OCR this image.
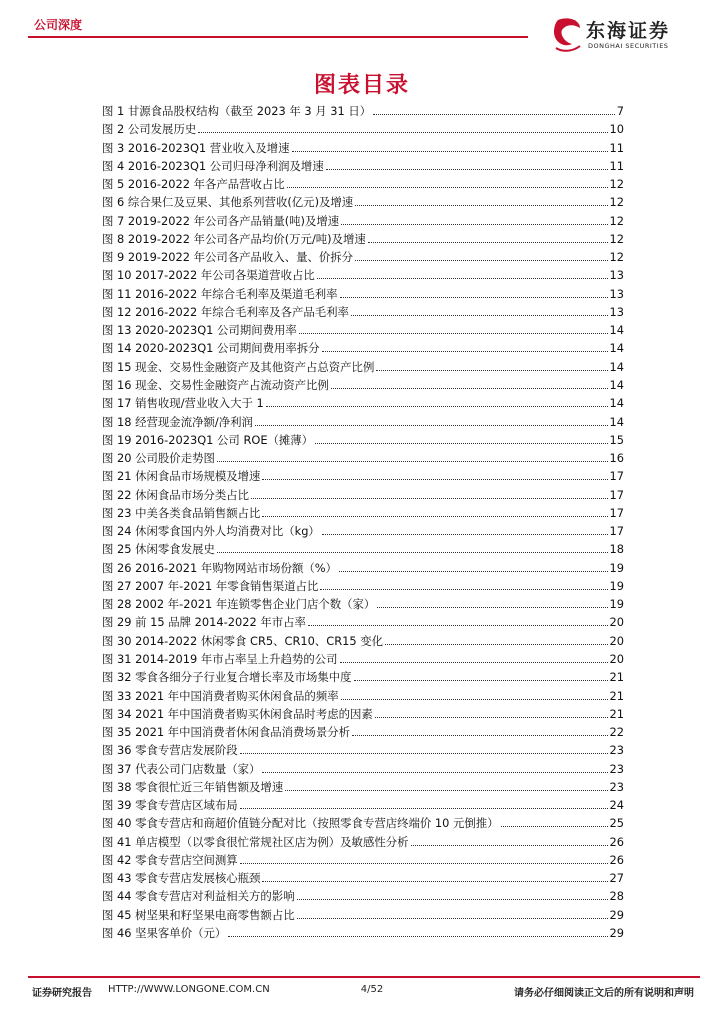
公司深度	东海证券
DONGHAI SECURITIES
图表目录
图 1 甘源食品股权结构（截至 2023 年 3 月 31 日）	7
图 2 公司发展历史	10
图 3 2016-2023Q1 营业收入及增速	11
图 4 2016-2023Q1 公司归母净利润及增速	11
图 5 2016-2022 年各产品营收占比	12
图 6 综合果仁及豆果、其他系列营收(亿元)及增速	12
图 7 2019-2022 年公司各产品销量(吨)及增速	12
图 8 2019-2022 年公司各产品均价(万元/吨)及增速	12
图 9 2019-2022 年公司各产品收入、量、价拆分	12
图 10 2017-2022 年公司各渠道营收占比	13
图 11 2016-2022 年综合毛利率及渠道毛利率	13
图 12 2016-2022 年综合毛利率及各产品毛利率	13
图 13 2020-2023Q1 公司期间费用率	14
图 14 2020-2023Q1 公司期间费用率拆分	14
图 15 现金、交易性金融资产及其他资产占总资产比例	14
图 16 现金、交易性金融资产占流动资产比例	14
图 17 销售收现/营业收入大于 1	14
图 18 经营现金流净额/净利润	14
图 19 2016-2023Q1 公司 ROE（摊薄）	15
图 20 公司股价走势图	16
图 21 休闲食品市场规模及增速	17
图 22 休闲食品市场分类占比	17
图 23 中美各类食品销售额占比	17
图 24 休闲零食国内外人均消费对比（kg）	17
图 25 休闲零食发展史	18
图 26 2016-2021 年购物网站市场份额（%）	19
图 27 2007 年-2021 年零食销售渠道占比	19
图 28 2002 年-2021 年连锁零售企业门店个数（家）	19
图 29 前 15 品牌 2014-2022 年市占率	20
图 30 2014-2022 休闲零食 CR5、CR10、CR15 变化	20
图 31 2014-2019 年市占率呈上升趋势的公司	20
图 32 零食各细分子行业复合增长率及市场集中度	21
图 33 2021 年中国消费者购买休闲食品的频率	21
图 34 2021 年中国消费者购买休闲食品时考虑的因素	21
图 35 2021 年中国消费者休闲食品消费场景分析	22
图 36 零食专营店发展阶段	23
图 37 代表公司门店数量（家）	23
图 38 零食很忙近三年销售额及增速	23
图 39 零食专营店区域布局	24
图 40 零食专营店和商超价值链分配对比（按照零食专营店终端价 10 元倒推）	25
图 41 单店模型（以零食很忙常规社区店为例）及敏感性分析	26
图 42 零食专营店空间测算	26
图 43 零食专营店发展核心瓶颈	27
图 44 零食专营店对利益相关方的影响	28
图 45 树坚果和籽坚果电商零售额占比	29
图 46 坚果客单价（元）	29
证券研究报告 HTTP://WWW.LONGONE.COM.CN	4/52	请务必仔细阅读正文后的所有说明和声明
